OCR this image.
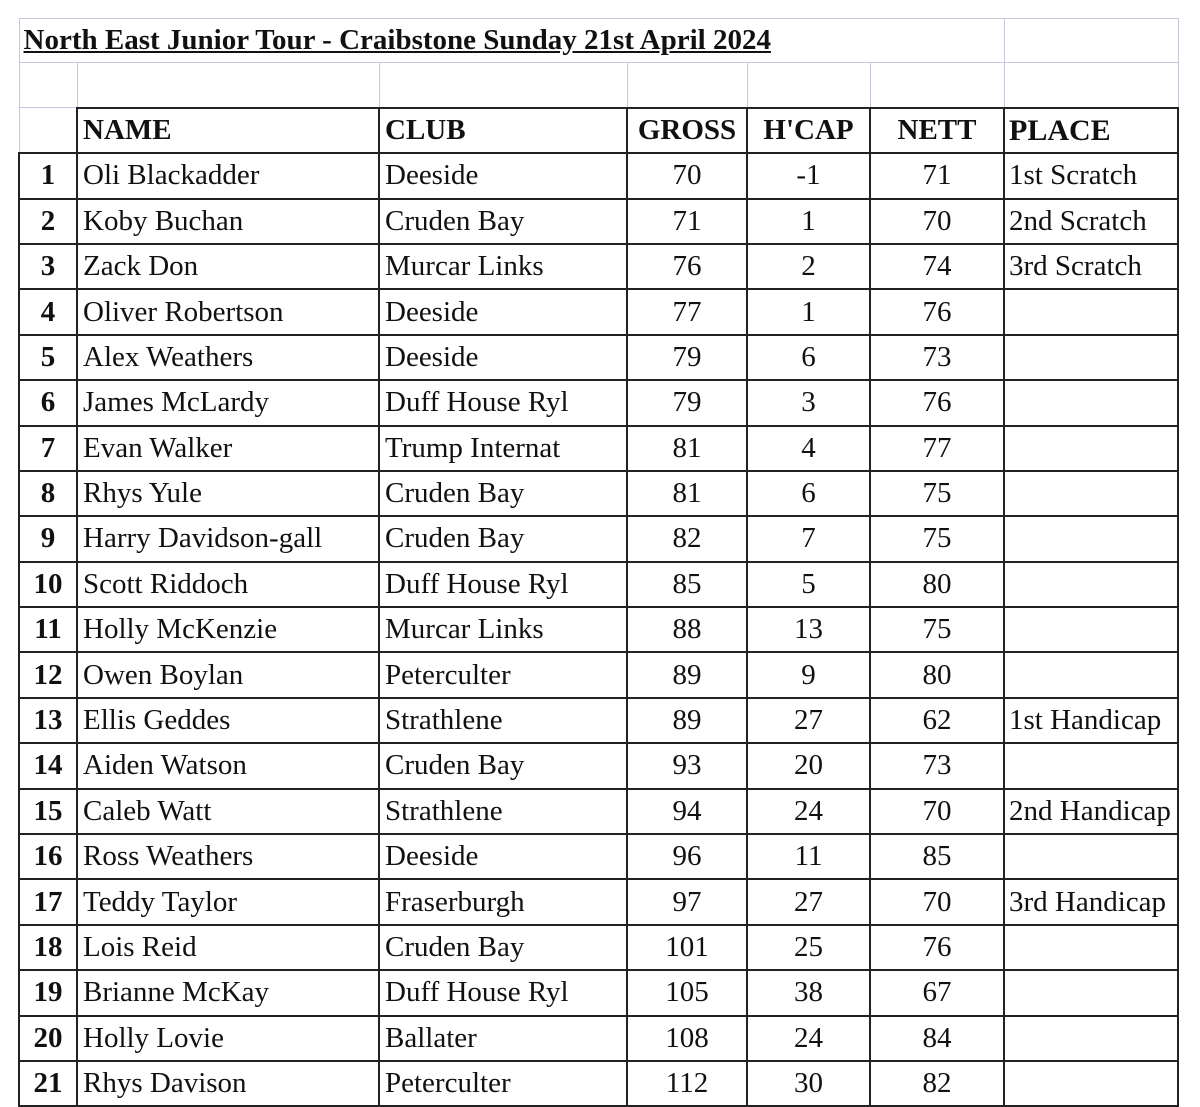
North East Junior Tour - Craibstone Sunday 21st April 2024						

	NAME	CLUB	GROSS	H'CAP	NETT	PLACE
1	Oli Blackadder	Deeside	70	-1	71	1st Scratch
2	Koby Buchan	Cruden Bay	71	1	70	2nd Scratch
3	Zack Don	Murcar Links	76	2	74	3rd Scratch
4	Oliver Robertson	Deeside	77	1	76	
5	Alex Weathers	Deeside	79	6	73	
6	James McLardy	Duff House Ryl	79	3	76	
7	Evan Walker	Trump Internat	81	4	77	
8	Rhys Yule	Cruden Bay	81	6	75	
9	Harry Davidson-gall	Cruden Bay	82	7	75	
10	Scott Riddoch	Duff House Ryl	85	5	80	
11	Holly McKenzie	Murcar Links	88	13	75	
12	Owen Boylan	Peterculter	89	9	80	
13	Ellis Geddes	Strathlene	89	27	62	1st Handicap
14	Aiden Watson	Cruden Bay	93	20	73	
15	Caleb Watt	Strathlene	94	24	70	2nd Handicap
16	Ross Weathers	Deeside	96	11	85	
17	Teddy Taylor	Fraserburgh	97	27	70	3rd Handicap
18	Lois Reid	Cruden Bay	101	25	76	
19	Brianne McKay	Duff House Ryl	105	38	67	
20	Holly Lovie	Ballater	108	24	84	
21	Rhys Davison	Peterculter	112	30	82	
